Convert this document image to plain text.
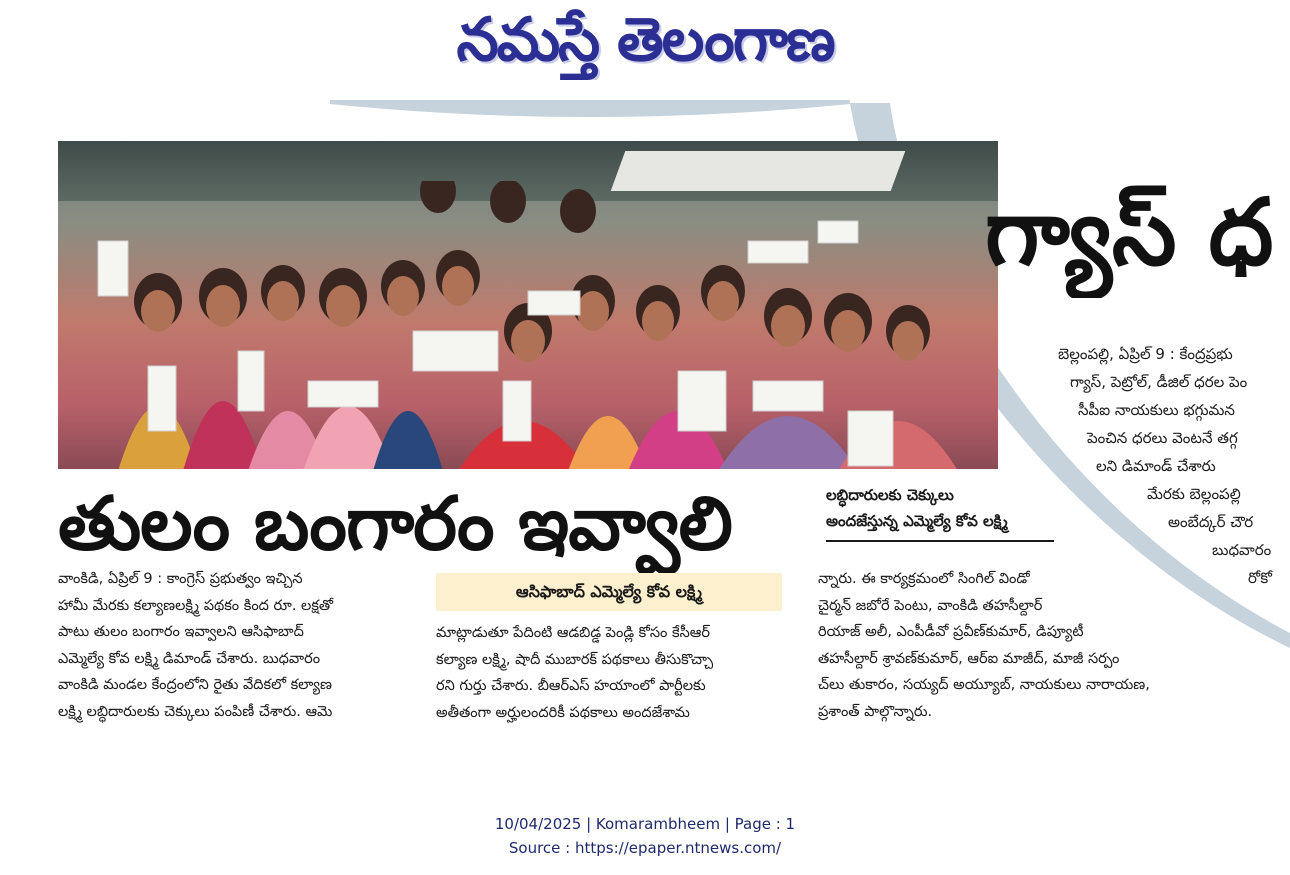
నమస్తే తెలంగాణ
గ్యాస్ ధ
బెల్లంపల్లి, ఏప్రిల్ 9 : కేంద్రప్రభు
గ్యాస్, పెట్రోల్, డీజిల్ ధరల పెం
సీపీఐ నాయకులు భగ్గుమన
పెంచిన ధరలు వెంటనే తగ్గ
లని డిమాండ్ చేశారు
మేరకు బెల్లంపల్లి
అంబేద్కర్ చౌర
బుధవారం
రోకో
తులం బంగారం ఇవ్వాలి	లబ్ధిదారులకు చెక్కులు
అందజేస్తున్న ఎమ్మెల్యే కోవ లక్ష్మి
వాంకిడి, ఏప్రిల్ 9 : కాంగ్రెస్ ప్రభుత్వం ఇచ్చిన
హామీ మేరకు కల్యాణలక్ష్మి పథకం కింద రూ. లక్షతో
పాటు తులం బంగారం ఇవ్వాలని ఆసిఫాబాద్
ఎమ్మెల్యే కోవ లక్ష్మి డిమాండ్ చేశారు. బుధవారం
వాంకిడి మండల కేంద్రంలోని రైతు వేదికలో కల్యాణ
లక్ష్మి లబ్ధిదారులకు చెక్కులు పంపిణీ చేశారు. ఆమె
ఆసిఫాబాద్ ఎమ్మెల్యే కోవ లక్ష్మి
మాట్లాడుతూ పేదింటి ఆడబిడ్డ పెండ్లి కోసం కేసీఆర్
కల్యాణ లక్ష్మి, షాదీ ముబారక్ పథకాలు తీసుకొచ్చా
రని గుర్తు చేశారు. బీఆర్ఎస్ హయాంలో పార్టీలకు
అతీతంగా అర్హులందరికీ పథకాలు అందజేశామ
న్నారు. ఈ కార్యక్రమంలో సింగిల్ విండో
చైర్మన్ జబోరే పెంటు, వాంకిడి తహసీల్దార్
రియాజ్ అలీ, ఎంపీడీవో ప్రవీణ్‌కుమార్, డిప్యూటీ
తహసీల్దార్ శ్రావణ్‌కుమార్, ఆర్ఐ మాజీద్, మాజీ సర్పం
చ్‌లు తుకారం, సయ్యద్ అయ్యూబ్, నాయకులు నారాయణ,
ప్రశాంత్ పాల్గొన్నారు.
10/04/2025 | Komarambheem | Page : 1
Source : https://epaper.ntnews.com/
